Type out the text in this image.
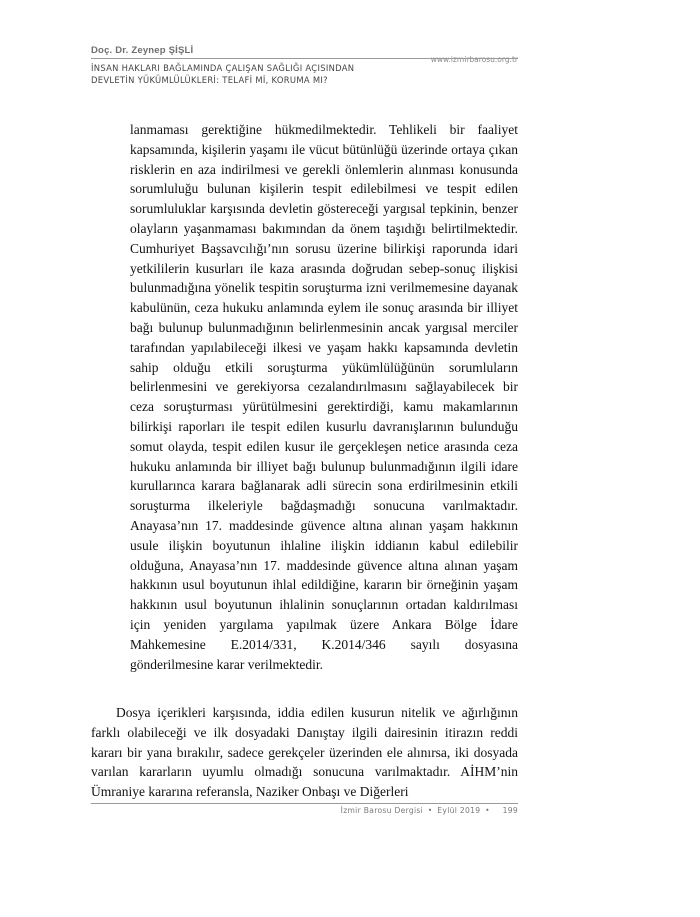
Doç. Dr. Zeynep ŞİŞLİ
www.izmirbarosu.org.tr
İNSAN HAKLARI BAĞLAMINDA ÇALIŞAN SAĞLIĞI AÇISINDAN
DEVLETİN YÜKÜMLÜLÜKLERİ: TELAFİ Mİ, KORUMA MI?
lanmaması gerektiğine hükmedilmektedir. Tehlikeli bir faaliyet kapsamında, kişilerin yaşamı ile vücut bütünlüğü üzerinde ortaya çıkan risklerin en aza indirilmesi ve gerekli önlemlerin alınması konusunda sorumluluğu bulunan kişilerin tespit edilebilmesi ve tespit edilen sorumluluklar karşısında devletin göstereceği yargısal tepkinin, benzer olayların yaşanmaması bakımından da önem taşıdığı belirtilmektedir. Cumhuriyet Başsavcılığı’nın sorusu üzerine bilirkişi raporunda idari yetkililerin kusurları ile kaza arasında doğrudan sebep-sonuç ilişkisi bulunmadığına yönelik tespitin soruşturma izni verilmemesine dayanak kabulünün, ceza hukuku anlamında eylem ile sonuç arasında bir illiyet bağı bulunup bulunmadığının belirlenmesinin ancak yargısal merciler tarafından yapılabileceği ilkesi ve yaşam hakkı kapsamında devletin sahip olduğu etkili soruşturma yükümlülüğünün sorumluların belirlenmesini ve gerekiyorsa cezalandırılmasını sağlayabilecek bir ceza soruşturması yürütülmesini gerektirdiği, kamu makamlarının bilirkişi raporları ile tespit edilen kusurlu davranışlarının bulunduğu somut olayda, tespit edilen kusur ile gerçekleşen netice arasında ceza hukuku anlamında bir illiyet bağı bulunup bulunmadığının ilgili idare kurullarınca karara bağlanarak adli sürecin sona erdirilmesinin etkili soruşturma ilkeleriyle bağdaşmadığı sonucuna varılmaktadır. Anayasa’nın 17. maddesinde güvence altına alınan yaşam hakkının usule ilişkin boyutunun ihlaline ilişkin iddianın kabul edilebilir olduğuna, Anayasa’nın 17. maddesinde güvence altına alınan yaşam hakkının usul boyutunun ihlal edildiğine, kararın bir örneğinin yaşam hakkının usul boyutunun ihlalinin sonuçlarının ortadan kaldırılması için yeniden yargılama yapılmak üzere Ankara Bölge İdare Mahkemesine E.2014/331, K.2014/346 sayılı dosyasına gönderilmesine karar verilmektedir.
Dosya içerikleri karşısında, iddia edilen kusurun nitelik ve ağırlığının farklı olabileceği ve ilk dosyadaki Danıştay ilgili dairesinin itirazın reddi kararı bir yana bırakılır, sadece gerekçeler üzerinden ele alınırsa, iki dosyada varılan kararların uyumlu olmadığı sonucuna varılmaktadır. AİHM’nin Ümraniye kararına referansla, Naziker Onbaşı ve Diğerleri
İzmir Barosu Dergisi • Eylül 2019 • 199
